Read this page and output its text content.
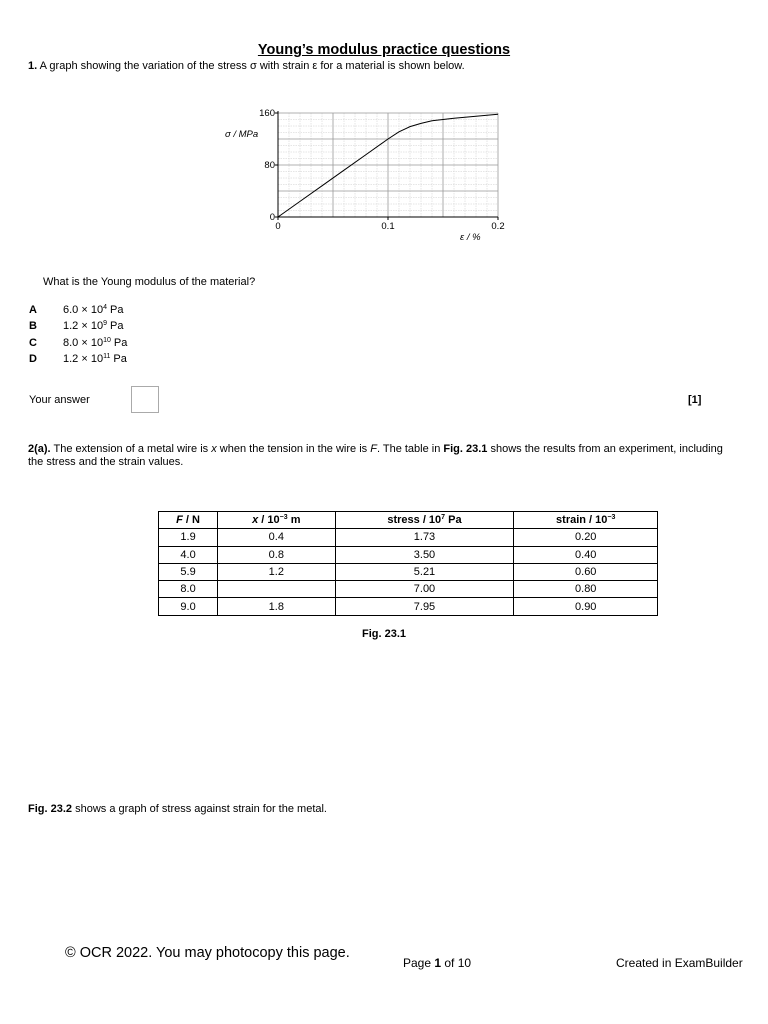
Young’s modulus practice questions
1. A graph showing the variation of the stress σ with strain ε for a material is shown below.
0	0.1	0.2
0
80
160
σ / MPa
ε / %
What is the Young modulus of the material?
A	$6.0 \times 10^4$ Pa
B	$1.2 \times 10^9$ Pa
C	$8.0 \times 10^{10}$ Pa
D	$1.2 \times 10^{11}$ Pa
Your answer	[1]
2(a). The extension of a metal wire is x when the tension in the wire is F. The table in Fig. 23.1 shows the results from an experiment, including the stress and the strain values.
F / N	x / $10^{-3}$ m	stress / $10^7$ Pa	strain / $10^{-3}$
1.9	0.4	1.73	0.20
4.0	0.8	3.50	0.40
5.9	1.2	5.21	0.60
8.0		7.00	0.80
9.0	1.8	7.95	0.90
Fig. 23.1
Fig. 23.2 shows a graph of stress against strain for the metal.
© OCR 2022. You may photocopy this page.
Page 1 of 10	Created in ExamBuilder
